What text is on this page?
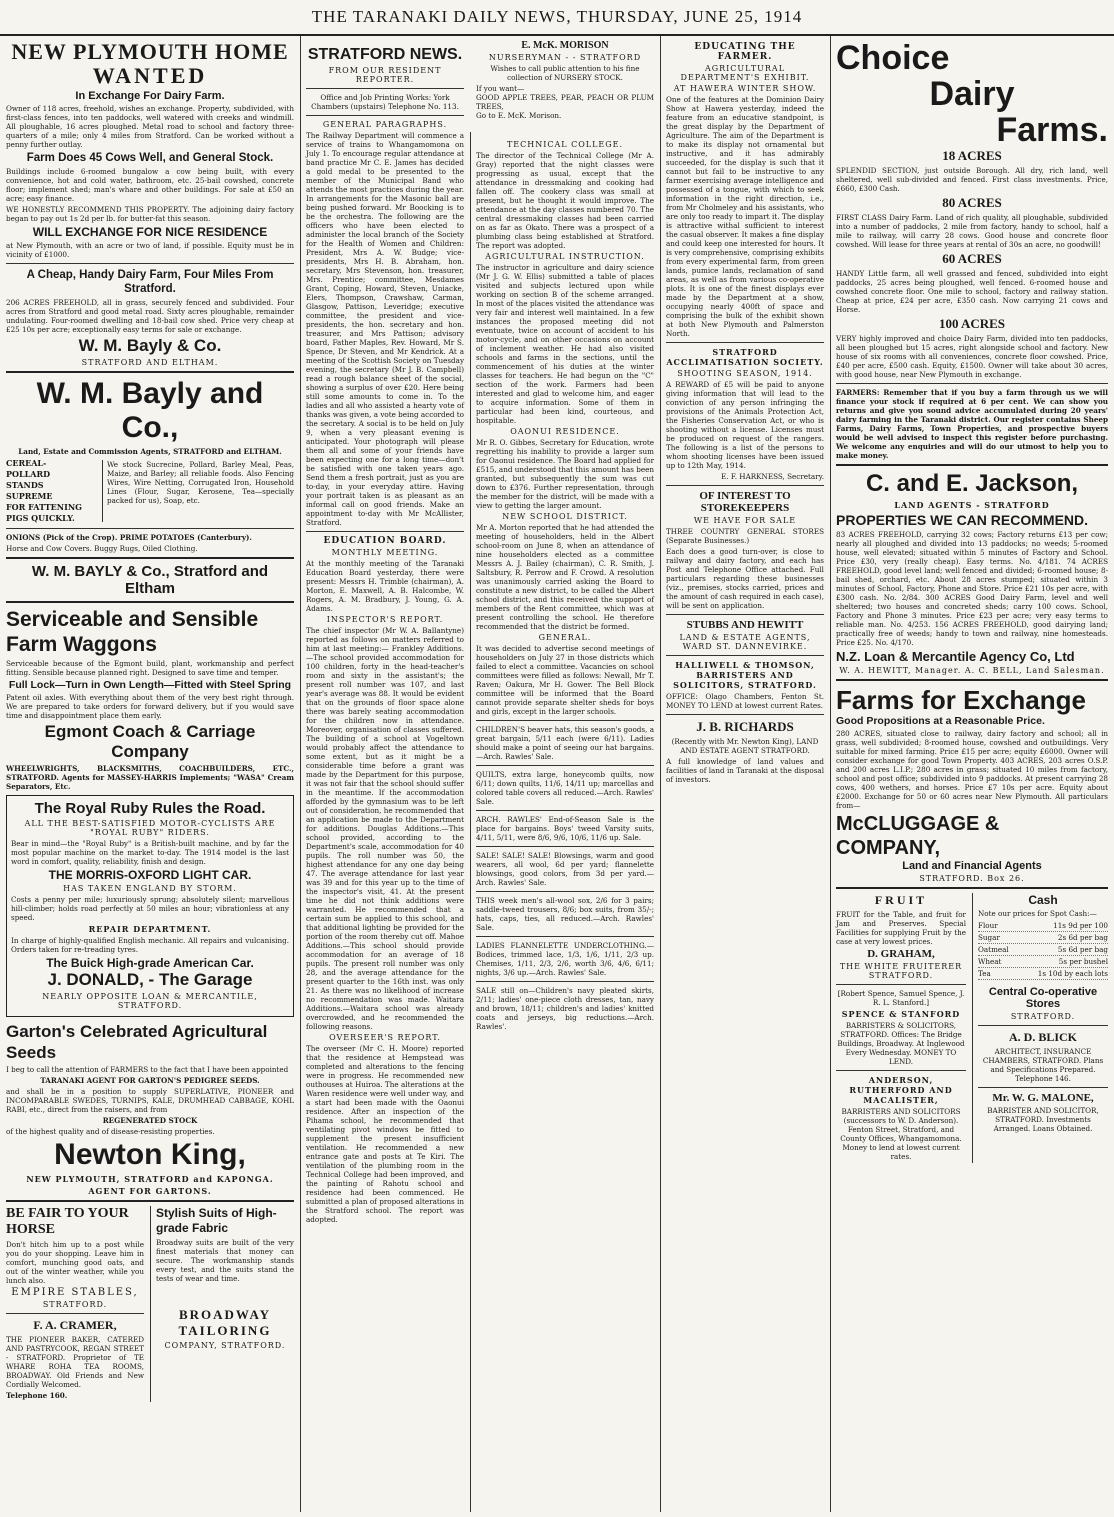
THE TARANAKI DAILY NEWS, THURSDAY, JUNE 25, 1914
NEW PLYMOUTH HOME
WANTED
In Exchange For Dairy Farm.

Owner of 118 acres, freehold, wishes an exchange. Property, subdivided, with first-class fences, into ten paddocks, well watered with creeks and windmill. All ploughable, 16 acres ploughed. Metal road to school and factory three-quarters of a mile; only 4 miles from Stratford. Can be worked without a penny further outlay.

Farm Does 45 Cows Well, and General Stock.

Buildings include 6-roomed bungalow a cow being built, with every convenience, hot and cold water, bathroom, etc. 25-bail cowshed, concrete floor; implement shed; man's whare and other buildings. For sale at £50 an acre; easy finance.

WE HONESTLY RECOMMEND THIS PROPERTY. The adjoining dairy factory began to pay out 1s 2d per lb. for butter-fat this season.

WILL EXCHANGE FOR NICE RESIDENCE

at New Plymouth, with an acre or two of land, if possible. Equity must be in vicinity of £1000.

A Cheap, Handy Dairy Farm, Four Miles From Stratford.

206 ACRES FREEHOLD, all in grass, securely fenced and subdivided. Four acres from Stratford and good metal road. Sixty acres ploughable, remainder undulating. Four-roomed dwelling and 18-bail cow shed. Price very cheap at £25 10s per acre; exceptionally easy terms for sale or exchange.

W. M. Bayly & Co.
STRATFORD AND ELTHAM.
W. M. Bayly and Co.,
Land, Estate and Commission Agents, STRATFORD and ELTHAM.
CEREAL-
POLLARD
STANDS
SUPREME
FOR FATTENING
PIGS QUICKLY.
We stock Sucrecine, Pollard, Barley Meal, Peas, Maize, and Barley; all reliable foods. Also Fencing Wires, Wire Netting, Corrugated Iron, Household Lines (Flour, Sugar, Kerosene, Tea—specially packed for us), Soap, etc.

ONIONS (Pick of the Crop). PRIME POTATOES (Canterbury).

Horse and Cow Covers. Buggy Rugs, Oiled Clothing.

W. M. BAYLY & Co., Stratford and Eltham
Serviceable and Sensible Farm Waggons

Serviceable because of the Egmont build, plant, workmanship and perfect fitting. Sensible because planned right. Designed to save time and temper.

Full Lock—Turn in Own Length—Fitted with Steel Spring

Patent oil axles. With everything about them of the very best right through. We are prepared to take orders for forward delivery, but if you would save time and disappointment place them early.

Egmont Coach & Carriage Company

WHEELWRIGHTS, BLACKSMITHS, COACHBUILDERS, ETC., STRATFORD. Agents for MASSEY-HARRIS Implements; "WASA" Cream Separators, Etc.

The Royal Ruby Rules the Road.
ALL THE BEST-SATISFIED MOTOR-CYCLISTS ARE "ROYAL RUBY" RIDERS.

Bear in mind—the "Royal Ruby" is a British-built machine, and by far the most popular machine on the market to-day. The 1914 model is the last word in comfort, quality, reliability, finish and design.

THE MORRIS-OXFORD LIGHT CAR.
HAS TAKEN ENGLAND BY STORM.

Costs a penny per mile; luxuriously sprung; absolutely silent; marvellous hill-climber; holds road perfectly at 50 miles an hour; vibrationless at any speed.

REPAIR DEPARTMENT.

In charge of highly-qualified English mechanic. All repairs and vulcanising. Orders taken for re-treading tyres.

The Buick High-grade American Car.
J. DONALD, - The Garage
NEARLY OPPOSITE LOAN & MERCANTILE, STRATFORD.
Garton's Celebrated Agricultural Seeds

I beg to call the attention of FARMERS to the fact that I have been appointed

TARANAKI AGENT FOR GARTON'S PEDIGREE SEEDS.

and shall be in a position to supply SUPERLATIVE, PIONEER and INCOMPARABLE SWEDES, TURNIPS, KALE, DRUMHEAD CABBAGE, KOHL RABI, etc., direct from the raisers, and from

REGENERATED STOCK

of the highest quality and of disease-resisting properties.

Newton King,
NEW PLYMOUTH, STRATFORD and KAPONGA.
AGENT FOR GARTONS.
BE FAIR TO YOUR HORSE

Don't hitch him up to a post while you do your shopping. Leave him in comfort, munching good oats, and out of the winter weather, while you lunch also.

EMPIRE STABLES,
STRATFORD.
F. A. CRAMER,

THE PIONEER BAKER, CATERED AND PASTRYCOOK, REGAN STREET - STRATFORD. Proprietor of TE WHARE ROHA TEA ROOMS, BROADWAY. Old Friends and New Cordially Welcomed.

Telephone 160.

Stylish Suits of High-grade Fabric

Broadway suits are built of the very finest materials that money can secure. The workmanship stands every test, and the suits stand the tests of wear and time.

BROADWAY TAILORING
COMPANY, STRATFORD.
STRATFORD NEWS.
FROM OUR RESIDENT REPORTER.

Office and Job Printing Works: York Chambers (upstairs) Telephone No. 113.

GENERAL PARAGRAPHS.

The Railway Department will commence a service of trains to Whangamomona on July 1. To encourage regular attendance at band practice Mr C. E. James has decided a gold medal to be presented to the member of the Municipal Band who attends the most practices during the year. In arrangements for the Masonic ball are being pushed forward. Mr Boocking is to be the orchestra. The following are the officers who have been elected to administer the local branch of the Society for the Health of Women and Children: President, Mrs A. W. Budge; vice-presidents, Mrs H. B. Abraham, hon. secretary, Mrs Stevenson, hon. treasurer, Mrs. Prentice; committee, Mesdames Grant, Coping, Howard, Steven, Uniacke, Elers, Thompson, Crawshaw, Carman, Glasgow, Pattison, Leveridge; executive committee, the president and vice-presidents, the hon. secretary and hon. treasurer, and Mrs Pattison; advisory board, Father Maples, Rev. Howard, Mr S. Spence, Dr Steven, and Mr Kendrick. At a meeting of the Scottish Society on Tuesday evening, the secretary (Mr J. B. Campbell) read a rough balance sheet of the social, showing a surplus of over £20. Here being still some amounts to come in. To the ladies and all who assisted a hearty vote of thanks was given, a vote being accorded to the secretary. A social is to be held on July 9, when a very pleasant evening is anticipated. Your photograph will please them all and some of your friends have been expecting one for a long time—don't be satisfied with one taken years ago. Send them a fresh portrait, just as you are to-day, in your everyday attire. Having your portrait taken is as pleasant as an informal call on good friends. Make an appointment to-day with Mr McAllister, Stratford.

EDUCATION BOARD.
MONTHLY MEETING.

At the monthly meeting of the Taranaki Education Board yesterday, there were present: Messrs H. Trimble (chairman), A. Morton, E. Maxwell, A. B. Halcombe, W. Rogers, A. M. Bradbury, J. Young, G. A. Adams.

INSPECTOR'S REPORT.

The chief inspector (Mr W. A. Ballantyne) reported as follows on matters referred to him at last meeting:— Frankley Additions.—The school provided accommodation for 100 children, forty in the head-teacher's room and sixty in the assistant's; the present roll number was 107, and last year's average was 88. It would be evident that on the grounds of floor space alone there was barely seating accommodation for the children now in attendance. Moreover, organisation of classes suffered. The building of a school at Vogeltown would probably affect the attendance to some extent, but as it might be a considerable time before a grant was made by the Department for this purpose, it was not fair that the school should suffer in the meantime. If the accommodation afforded by the gymnasium was to be left out of consideration, he recommended that an application be made to the Department for additions. Douglas Additions.—This school provided, according to the Department's scale, accommodation for 40 pupils. The roll number was 50, the highest attendance for any one day being 47. The average attendance for last year was 39 and for this year up to the time of the inspector's visit, 41. At the present time he did not think additions were warranted. He recommended that a certain sum be applied to this school, and that additional lighting be provided for the portion of the room thereby cut off. Mahoe Additions.—This school should provide accommodation for an average of 18 pupils. The present roll number was only 28, and the average attendance for the present quarter to the 16th inst. was only 21. As there was no likelihood of increase no recommendation was made. Waitara Additions.—Waitara school was already overcrowded, and he recommended the following reasons.

OVERSEER'S REPORT.

The overseer (Mr C. H. Moore) reported that the residence at Hempstead was completed and alterations to the fencing were in progress. He recommended new outhouses at Huiroa. The alterations at the Waren residence were well under way, and a start had been made with the Oaonui residence. After an inspection of the Pihama school, he recommended that ventilating pivot windows be fitted to supplement the present insufficient ventilation. He recommended a new entrance gate and posts at Te Kiri. The ventilation of the plumbing room in the Technical College had been improved, and the painting of Rahotu school and residence had been commenced. He submitted a plan of proposed alterations in the Stratford school. The report was adopted.

TECHNICAL COLLEGE.

The director of the Technical College (Mr A. Gray) reported that the night classes were progressing as usual, except that the attendance in dressmaking and cooking had fallen off. The cookery class was small at present, but he thought it would improve. The attendance at the day classes numbered 70. The central dressmaking classes had been carried on as far as Okato. There was a prospect of a plumbing class being established at Stratford. The report was adopted.

AGRICULTURAL INSTRUCTION.

The instructor in agriculture and dairy science (Mr J. G. W. Ellis) submitted a table of places visited and subjects lectured upon while working on section B of the scheme arranged. In most of the places visited the attendance was very fair and interest well maintained. In a few instances the proposed meeting did not eventuate, twice on account of accident to his motor-cycle, and on other occasions on account of inclement weather. He had also visited schools and farms in the sections, until the commencement of his duties at the winter classes for teachers. He had begun on the "C" section of the work. Farmers had been interested and glad to welcome him, and eager to acquire information. Some of them in particular had been kind, courteous, and hospitable.

OAONUI RESIDENCE.

Mr R. O. Gibbes, Secretary for Education, wrote regretting his inability to provide a larger sum for Oaonui residence. The Board had applied for £515, and understood that this amount has been granted, but subsequently the sum was cut down to £376. Further representation, through the member for the district, will be made with a view to getting the larger amount.

NEW SCHOOL DISTRICT.

Mr A. Morton reported that he had attended the meeting of householders, held in the Albert school-room on June 8, when an attendance of nine householders elected as a committee Messrs A. J. Bailey (chairman), C. R. Smith, J. Saltsbury, R. Perrow and F. Crowd. A resolution was unanimously carried asking the Board to constitute a new district, to be called the Albert school district, and this received the support of members of the Rent committee, which was at present controlling the school. He therefore recommended that the district be formed.

GENERAL.

It was decided to advertise second meetings of householders on July 27 in those districts which failed to elect a committee. Vacancies on school committees were filled as follows: Newall, Mr T. Raven; Oakura, Mr H. Gower. The Bell Block committee will be informed that the Board cannot provide separate shelter sheds for boys and girls, except in the larger schools.

CHILDREN'S beaver hats, this season's goods, a great bargain, 5/11 each (were 6/11). Ladies should make a point of seeing our hat bargains.—Arch. Rawles' Sale.

QUILTS, extra large, honeycomb quilts, now 6/11; down quilts, 11/6, 14/11 up; marcellas and colored table covers all reduced.—Arch. Rawles' Sale.

ARCH. RAWLES' End-of-Season Sale is the place for bargains. Boys' tweed Varsity suits, 4/11, 5/11, were 8/6, 9/6, 10/6, 11/6 up. Sale.

SALE! SALE! SALE! Blowsings, warm and good wearers, all wool, 6d per yard; flannelette blowsings, good colors, from 3d per yard.—Arch. Rawles' Sale.

THIS week men's all-wool sox, 2/6 for 3 pairs; saddle-tweed trousers, 8/6; box suits, from 35/-; hats, caps, ties, all reduced.—Arch. Rawles' Sale.

LADIES FLANNELETTE UNDERCLOTHING.—Bodices, trimmed lace, 1/3, 1/6, 1/11, 2/3 up. Chemises, 1/11, 2/3, 2/6, worth 3/6, 4/6, 6/11; nights, 3/6 up.—Arch. Rawles' Sale.

SALE still on—Children's navy pleated skirts, 2/11; ladies' one-piece cloth dresses, tan, navy and brown, 18/11; children's and ladies' knitted coats and jerseys, big reductions.—Arch. Rawles'.

EDUCATING THE FARMER.
AGRICULTURAL DEPARTMENT'S EXHIBIT.
AT HAWERA WINTER SHOW.

One of the features at the Dominion Dairy Show at Hawera yesterday, indeed the feature from an educative standpoint, is the great display by the Department of Agriculture. The aim of the Department is to make its display not ornamental but instructive, and it has admirably succeeded, for the display is such that it cannot but fail to be instructive to any farmer exercising average intelligence and possessed of a tongue, with which to seek information in the right direction, i.e., from Mr Cholmeley and his assistants, who are only too ready to impart it. The display is attractive withal sufficient to interest the casual observer. It makes a fine display and could keep one interested for hours. It is very comprehensive, comprising exhibits from every experimental farm, from green lands, pumice lands, reclamation of sand areas, as well as from various co-operative plots. It is one of the finest displays ever made by the Department at a show, occupying nearly 400ft of space and comprising the bulk of the exhibit shown at both New Plymouth and Palmerston North.

STRATFORD ACCLIMATISATION SOCIETY.
SHOOTING SEASON, 1914.

A REWARD of £5 will be paid to anyone giving information that will lead to the conviction of any person infringing the provisions of the Animals Protection Act, the Fisheries Conservation Act, or who is shooting without a license. Licenses must be produced on request of the rangers. The following is a list of the persons to whom shooting licenses have been issued up to 12th May, 1914.

E. F. HARKNESS, Secretary.

OF INTEREST TO STOREKEEPERS
WE HAVE FOR SALE

THREE COUNTRY GENERAL STORES (Separate Businesses.)

Each does a good turn-over, is close to railway and dairy factory, and each has Post and Telephone Office attached. Full particulars regarding these businesses (viz., premises, stocks carried, prices and the amount of cash required in each case), will be sent on application.

STUBBS AND HEWITT
LAND & ESTATE AGENTS, WARD ST. DANNEVIRKE.
HALLIWELL & THOMSON, BARRISTERS AND SOLICITORS, STRATFORD.

OFFICE: Olago Chambers, Fenton St. MONEY TO LEND at lowest current Rates.

J. B. RICHARDS

(Recently with Mr. Newton King), LAND AND ESTATE AGENT STRATFORD.

A full knowledge of land values and facilities of land in Taranaki at the disposal of investors.

Choice
Dairy
Farms.
18 ACRES

SPLENDID SECTION, just outside Borough. All dry, rich land, well sheltered, well sub-divided and fenced. First class investments. Price, £660, £300 Cash.

80 ACRES

FIRST CLASS Dairy Farm. Land of rich quality, all ploughable, subdivided into a number of paddocks, 2 mile from factory, handy to school, half a mile to railway, will carry 28 cows. Good house and concrete floor cowshed. Will lease for three years at rental of 30s an acre, no goodwill!

60 ACRES

HANDY Little farm, all well grassed and fenced, subdivided into eight paddocks, 25 acres being ploughed, well fenced. 6-roomed house and cowshed concrete floor. One mile to school, factory and railway station. Cheap at price, £24 per acre, £350 cash. Now carrying 21 cows and Horse.

100 ACRES

VERY highly improved and choice Dairy Farm, divided into ten paddocks, all been ploughed but 15 acres, right alongside school and factory. New house of six rooms with all conveniences, concrete floor cowshed. Price, £40 per acre, £500 cash. Equity, £1500. Owner will take about 30 acres, with good house, near New Plymouth in exchange.

FARMERS: Remember that if you buy a farm through us we will finance your stock if required at 6 per cent. We can show you returns and give you sound advice accumulated during 20 years' dairy farming in the Taranaki district. Our register contains Sheep Farms, Dairy Farms, Town Properties, and prospective buyers would be well advised to inspect this register before purchasing. We welcome any enquiries and will do our utmost to help you to make money.

C. and E. Jackson,
LAND AGENTS - STRATFORD
PROPERTIES WE CAN RECOMMEND.

83 ACRES FREEHOLD, carrying 32 cows; Factory returns £13 per cow; nearly all ploughed and divided into 13 paddocks; no weeds; 5-roomed house, well elevated; situated within 5 minutes of Factory and School. Price £30, very (really cheap). Easy terms. No. 4/181. 74 ACRES FREEHOLD, good level land; well fenced and divided; 6-roomed house; 8-bail shed, orchard, etc. About 28 acres stumped; situated within 3 minutes of School, Factory, Phone and Store. Price £21 10s per acre, with £300 cash. No. 2/84. 300 ACRES Good Dairy Farm, level and well sheltered; two houses and concreted sheds; carry 100 cows. School, Factory and Phone 3 minutes. Price £23 per acre; very easy terms to reliable man. No. 4/253. 156 ACRES FREEHOLD, good dairying land; practically free of weeds; handy to town and railway, nine homesteads. Price £25. No. 4/170.

N.Z. Loan & Mercantile Agency Co, Ltd
W. A. HEWITT, Manager. A. C. BELL, Land Salesman.
Farms for Exchange
Good Propositions at a Reasonable Price.

280 ACRES, situated close to railway, dairy factory and school; all in grass, well subdivided; 8-roomed house, cowshed and outbuildings. Very suitable for mixed farming. Price £15 per acre; equity £6000. Owner will consider exchange for good Town Property. 403 ACRES, 203 acres O.S.P. and 200 acres L.I.P.; 280 acres in grass; situated 10 miles from factory, school and post office; subdivided into 9 paddocks. At present carrying 28 cows, 400 wethers, and horses. Price £7 10s per acre. Equity about £2000. Exchange for 50 or 60 acres near New Plymouth. All particulars from—

McCLUGGAGE & COMPANY,
Land and Financial Agents
STRATFORD. Box 26.
FRUIT

FRUIT for the Table, and fruit for Jam and Preserves. Special Facilities for supplying Fruit by the case at very lowest prices.

D. GRAHAM,
THE WHITE FRUITERER STRATFORD.
[Robert Spence, Samuel Spence, J. R. L. Stanford.]
SPENCE & STANFORD

BARRISTERS & SOLICITORS, STRATFORD. Offices: The Bridge Buildings, Broadway. At Inglewood Every Wednesday. MONEY TO LEND.

ANDERSON, RUTHERFORD AND MACALISTER,

BARRISTERS AND SOLICITORS (successors to W. D. Anderson). Fenton Street, Stratford, and County Offices, Whangamomona. Money to lend at lowest current rates.

Cash

Note our prices for Spot Cash:—

Flour	11s 9d per 100
Sugar	2s 6d per bag
Oatmeal	5s 6d per bag
Wheat	5s per bushel
Tea	1s 10d by each lots
Central Co-operative Stores
STRATFORD.
A. D. BLICK

ARCHITECT, INSURANCE CHAMBERS, STRATFORD. Plans and Specifications Prepared. Telephone 146.

Mr. W. G. MALONE,

BARRISTER AND SOLICITOR, STRATFORD. Investments Arranged. Loans Obtained.

E. McK. MORISON
NURSERYMAN - - STRATFORD

Wishes to call public attention to his fine collection of NURSERY STOCK.

If you want—
GOOD APPLE TREES, PEAR, PEACH OR PLUM TREES,
Go to E. McK. Morison.
